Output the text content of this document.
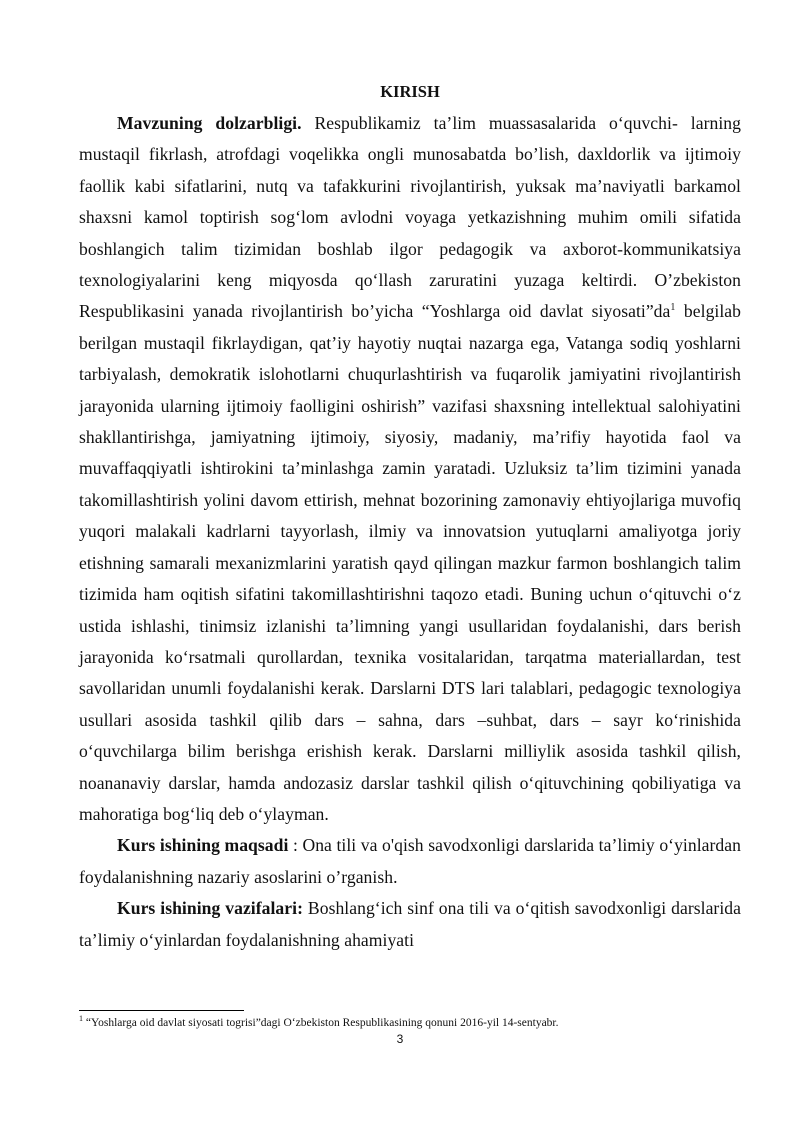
KIRISH

Mavzuning dolzarbligi. Respublikamiz ta’lim muassasalarida oʻquvchi- larning mustaqil fikrlash, atrofdagi voqelikka ongli munosabatda bo’lish, daxldorlik va ijtimoiy faollik kabi sifatlarini, nutq va tafakkurini rivojlantirish, yuksak ma’naviyatli barkamol shaxsni kamol toptirish sogʻlom avlodni voyaga yetkazishning muhim omili sifatida boshlangich talim tizimidan boshlab ilgor pedagogik va axborot-kommunikatsiya texnologiyalarini keng miqyosda qoʻllash zaruratini yuzaga keltirdi. O’zbekiston Respublikasini yanada rivojlantirish bo’yicha “Yoshlarga oid davlat $siyosati”da^1$ belgilab berilgan mustaqil fikrlaydigan, qat’iy hayotiy nuqtai nazarga ega, Vatanga sodiq yoshlarni tarbiyalash, demokratik islohotlarni chuqurlashtirish va fuqarolik jamiyatini rivojlantirish jarayonida ularning ijtimoiy faolligini oshirish” vazifasi shaxsning intellektual salohiyatini shakllantirishga, jamiyatning ijtimoiy, siyosiy, madaniy, ma’rifiy hayotida faol va muvaffaqqiyatli ishtirokini ta’minlashga zamin yaratadi. Uzluksiz ta’lim tizimini yanada takomillashtirish yolini davom ettirish, mehnat bozorining zamonaviy ehtiyojlariga muvofiq yuqori malakali kadrlarni tayyorlash, ilmiy va innovatsion yutuqlarni amaliyotga joriy etishning samarali mexanizmlarini yaratish qayd qilingan mazkur farmon boshlangich talim tizimida ham oqitish sifatini takomillashtirishni taqozo etadi. Buning uchun oʻqituvchi oʻz ustida ishlashi, tinimsiz izlanishi ta’limning yangi usullaridan foydalanishi, dars berish jarayonida koʻrsatmali qurollardan, texnika vositalaridan, tarqatma materiallardan, test savollaridan unumli foydalanishi kerak. Darslarni DTS lari talablari, pedagogic texnologiya usullari asosida tashkil qilib dars – sahna, dars –suhbat, dars – sayr koʻrinishida oʻquvchilarga bilim berishga erishish kerak. Darslarni milliylik asosida tashkil qilish, noananaviy darslar, hamda andozasiz darslar tashkil qilish oʻqituvchining qobiliyatiga va mahoratiga bogʻliq deb oʻylayman.

Kurs ishining maqsadi : Ona tili va o'qish savodxonligi darslarida ta’limiy oʻyinlardan foydalanishning nazariy asoslarini o’rganish.

Kurs ishining vazifalari: Boshlangʻich sinf ona tili va oʻqitish savodxonligi darslarida ta’limiy oʻyinlardan foydalanishning ahamiyati

$^1$ “Yoshlarga oid davlat siyosati togrisi”dagi Oʻzbekiston Respublikasining qonuni 2016-yil 14-sentyabr.
3
